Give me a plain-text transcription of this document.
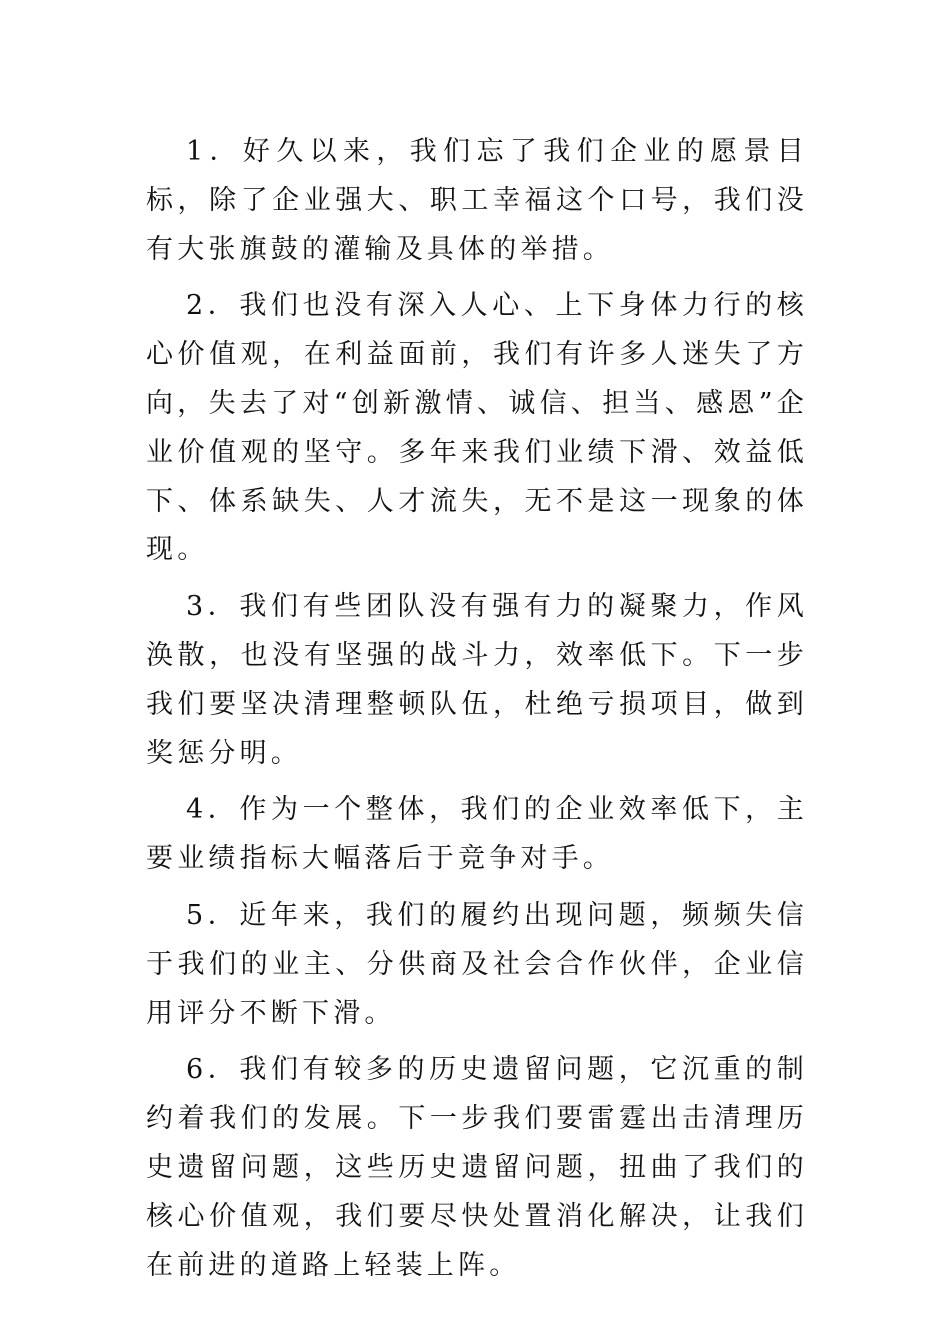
1．好久以来，我们忘了我们企业的愿景目标，除了企业强大、职工幸福这个口号，我们没有大张旗鼓的灌输及具体的举措。

2．我们也没有深入人心、上下身体力行的核心价值观，在利益面前，我们有许多人迷失了方向，失去了对“创新激情、诚信、担当、感恩”企业价值观的坚守。多年来我们业绩下滑、效益低下、体系缺失、人才流失，无不是这一现象的体现。

3．我们有些团队没有强有力的凝聚力，作风涣散，也没有坚强的战斗力，效率低下。下一步我们要坚决清理整顿队伍，杜绝亏损项目，做到奖惩分明。

4．作为一个整体，我们的企业效率低下，主要业绩指标大幅落后于竞争对手。

5．近年来，我们的履约出现问题，频频失信于我们的业主、分供商及社会合作伙伴，企业信用评分不断下滑。

6．我们有较多的历史遗留问题，它沉重的制约着我们的发展。下一步我们要雷霆出击清理历史遗留问题，这些历史遗留问题，扭曲了我们的核心价值观，我们要尽快处置消化解决，让我们在前进的道路上轻装上阵。
